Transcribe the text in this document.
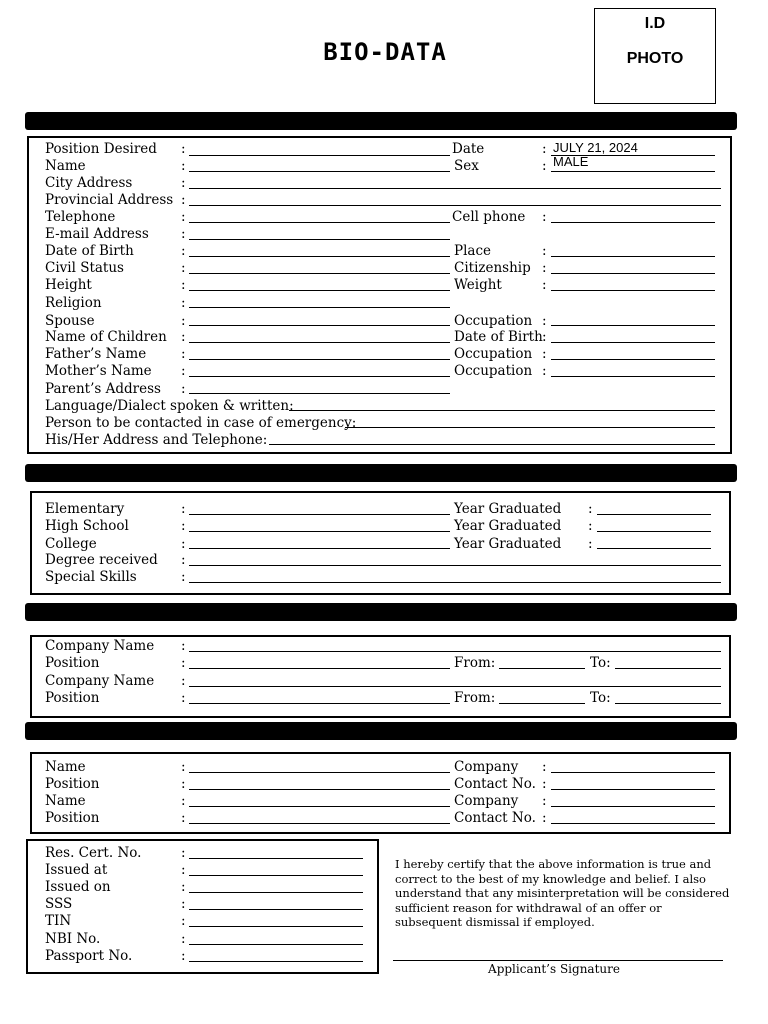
BIO-DATA
I.D
PHOTO
Position Desired :	Date	: JULY 21, 2024
Name	:	Sex	: MALE
City Address	:
Provincial Address :
Telephone	:	Cell phone :
E-mail Address :
Date of Birth	:	Place	:
Civil Status	:	Citizenship :
Height	:	Weight	:
Religion	:
Spouse	:	Occupation :
Name of Children :	Date of Birth :
Father’s Name	:	Occupation :
Mother’s Name :	Occupation :
Parent’s Address :
Language/Dialect spoken & written:
Person to be contacted in case of emergency:
His/Her Address and Telephone:
Elementary	:	Year Graduated :
High School	:	Year Graduated :
College	:	Year Graduated :
Degree received :
Special Skills	:
Company Name :
Position	:	From:	To:
Company Name :
Position	:	From:	To:
Name	:	Company :
Position	:	Contact No. :
Name	:	Company :
Position	:	Contact No. :
Res. Cert. No.	:
Issued at	:
Issued on	:
SSS	:
TIN	:
NBI No.	:
Passport No.	:
I hereby certify that the above information is true and correct to the best of my knowledge and belief. I also understand that any misinterpretation will be considered sufficient reason for withdrawal of an offer or subsequent dismissal if employed.
Applicant’s Signature
